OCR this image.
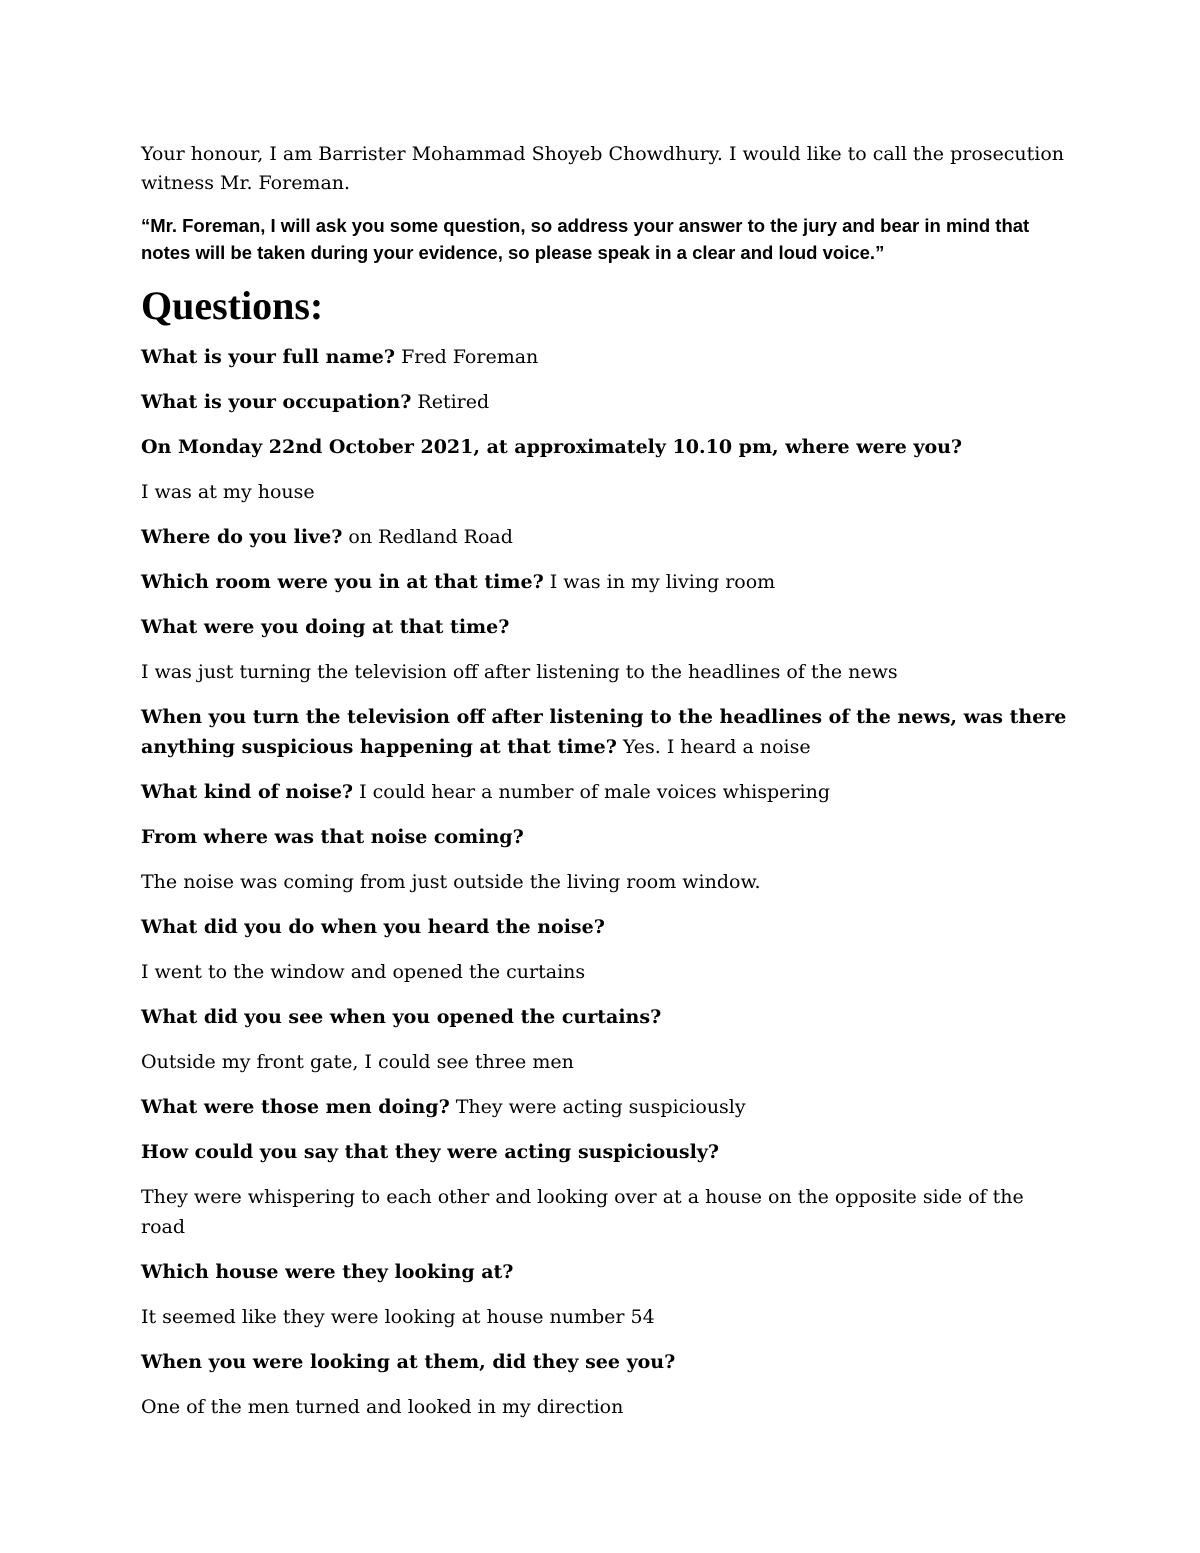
Your honour, I am Barrister Mohammad Shoyeb Chowdhury. I would like to call the prosecution witness Mr. Foreman.

“Mr. Foreman, I will ask you some question, so address your answer to the jury and bear in mind that notes will be taken during your evidence, so please speak in a clear and loud voice.”

Questions:

What is your full name? Fred Foreman

What is your occupation? Retired

On Monday 22nd October 2021, at approximately 10.10 pm, where were you?

I was at my house

Where do you live? on Redland Road

Which room were you in at that time? I was in my living room

What were you doing at that time?

I was just turning the television off after listening to the headlines of the news

When you turn the television off after listening to the headlines of the news, was there anything suspicious happening at that time? Yes. I heard a noise

What kind of noise? I could hear a number of male voices whispering

From where was that noise coming?

The noise was coming from just outside the living room window.

What did you do when you heard the noise?

I went to the window and opened the curtains

What did you see when you opened the curtains?

Outside my front gate, I could see three men

What were those men doing? They were acting suspiciously

How could you say that they were acting suspiciously?

They were whispering to each other and looking over at a house on the opposite side of the road

Which house were they looking at?

It seemed like they were looking at house number 54

When you were looking at them, did they see you?

One of the men turned and looked in my direction
